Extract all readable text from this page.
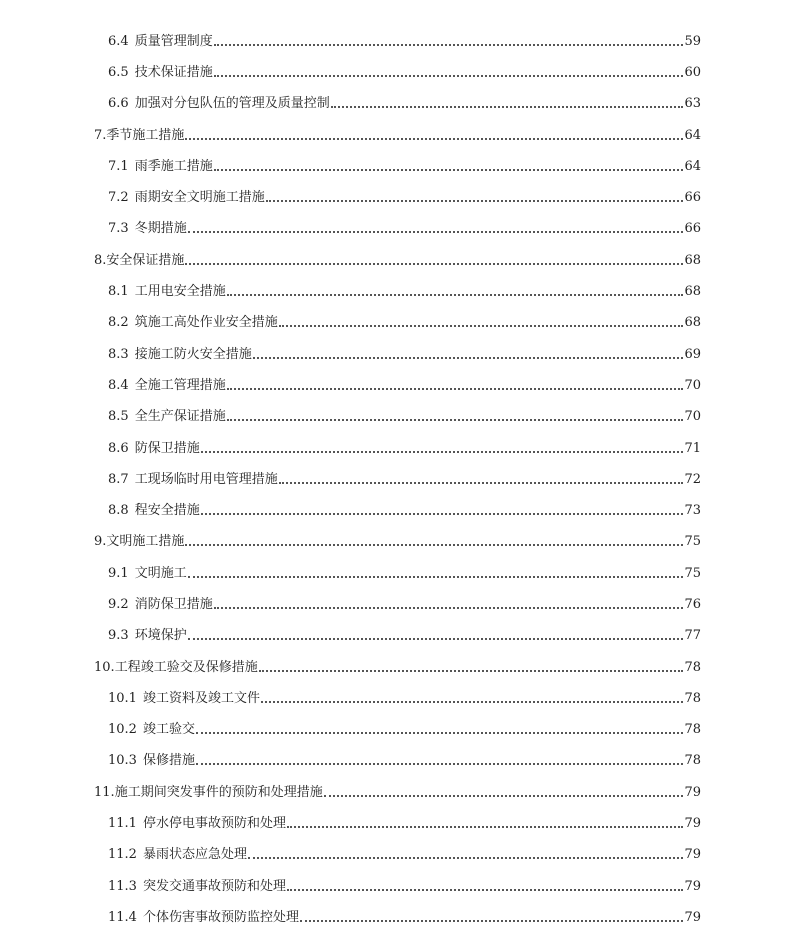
6.4 质量管理制度	59
6.5 技术保证措施	60
6.6 加强对分包队伍的管理及质量控制	63
7.季节施工措施	64
7.1 雨季施工措施	64
7.2 雨期安全文明施工措施	66
7.3 冬期措施	66
8.安全保证措施	68
8.1 工用电安全措施	68
8.2 筑施工高处作业安全措施	68
8.3 接施工防火安全措施	69
8.4 全施工管理措施	70
8.5 全生产保证措施	70
8.6 防保卫措施	71
8.7 工现场临时用电管理措施	72
8.8 程安全措施	73
9.文明施工措施	75
9.1 文明施工	75
9.2 消防保卫措施	76
9.3 环境保护	77
10.工程竣工验交及保修措施	78
10.1 竣工资料及竣工文件	78
10.2 竣工验交	78
10.3 保修措施	78
11.施工期间突发事件的预防和处理措施	79
11.1 停水停电事故预防和处理	79
11.2 暴雨状态应急处理	79
11.3 突发交通事故预防和处理	79
11.4 个体伤害事故预防监控处理	79
